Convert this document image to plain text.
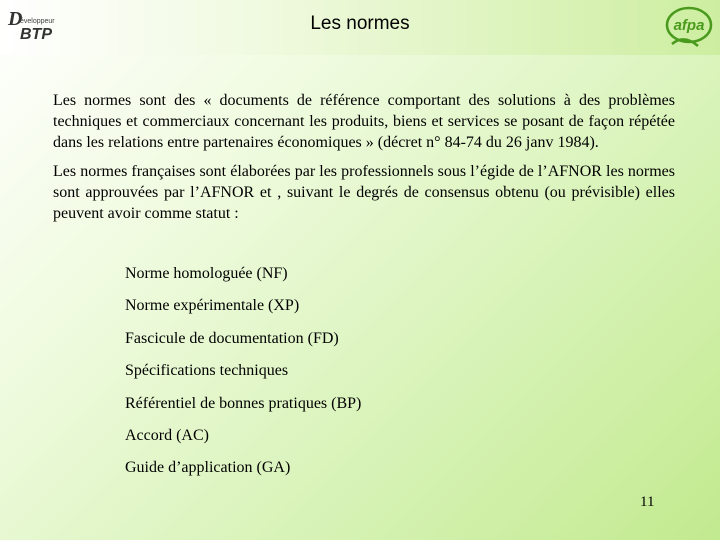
D
éveloppeur
BTP
Les normes	afpa

Les normes sont des « documents de référence comportant des solutions à des problèmes techniques et commerciaux concernant les produits, biens et services se posant de façon répétée dans les relations entre partenaires économiques » (décret n° 84-74 du 26 janv 1984).

Les normes françaises sont élaborées par les professionnels sous l’égide de l’AFNOR les normes sont approuvées par l’AFNOR et , suivant le degrés de consensus obtenu (ou prévisible) elles peuvent avoir comme statut :

Norme homologuée (NF)
Norme expérimentale (XP)
Fascicule de documentation (FD)
Spécifications techniques
Référentiel de bonnes pratiques (BP)
Accord (AC)
Guide d’application (GA)
11
